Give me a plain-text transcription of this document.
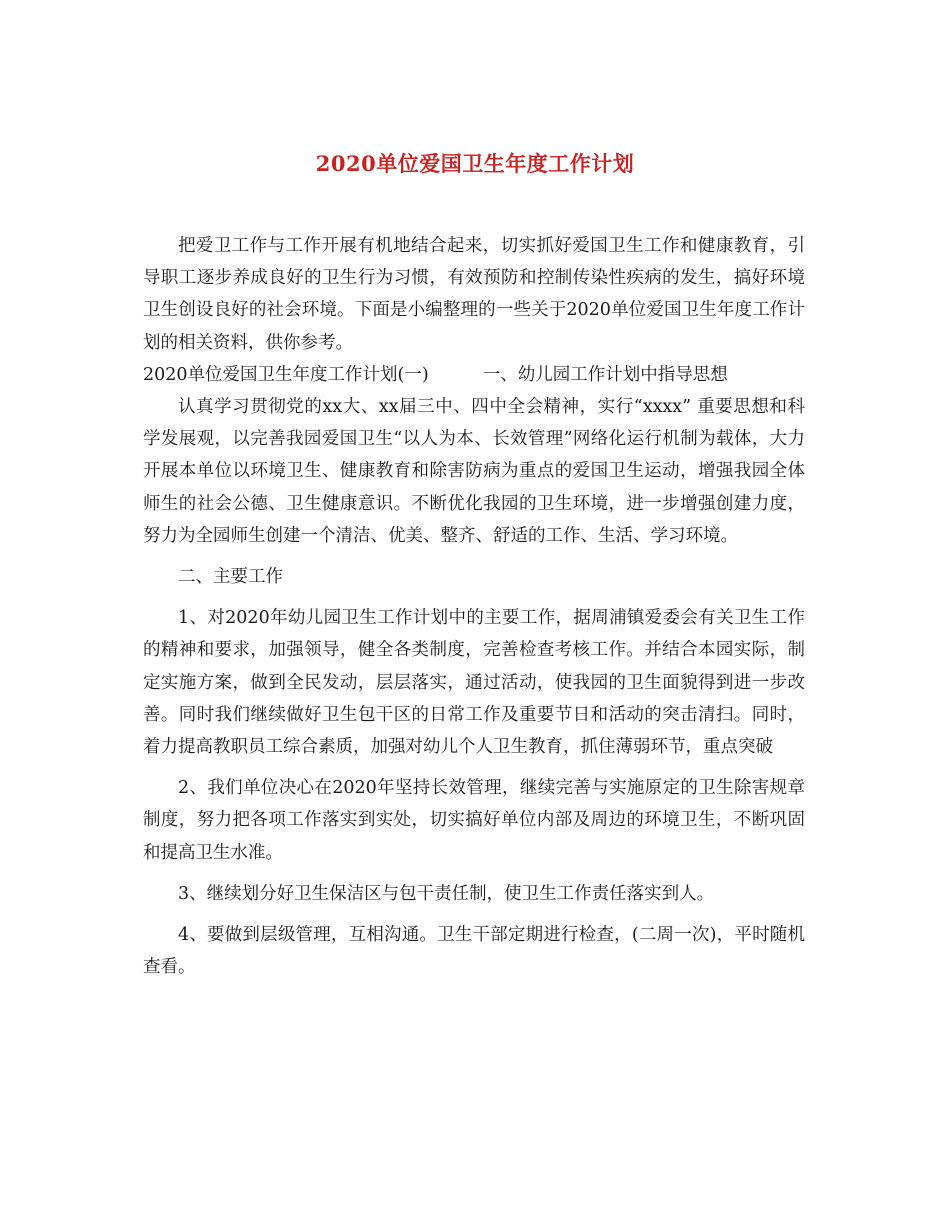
2020单位爱国卫生年度工作计划

把爱卫工作与工作开展有机地结合起来，切实抓好爱国卫生工作和健康教育，引导职工逐步养成良好的卫生行为习惯，有效预防和控制传染性疾病的发生，搞好环境卫生创设良好的社会环境。下面是小编整理的一些关于2020单位爱国卫生年度工作计划的相关资料，供你参考。

2020单位爱国卫生年度工作计划(一)	一、幼儿园工作计划中指导思想

认真学习贯彻党的xx大、xx届三中、四中全会精神，实行“xxxx” 重要思想和科学发展观，以完善我园爱国卫生“以人为本、长效管理”网络化运行机制为载体，大力开展本单位以环境卫生、健康教育和除害防病为重点的爱国卫生运动，增强我园全体师生的社会公德、卫生健康意识。不断优化我园的卫生环境，进一步增强创建力度，努力为全园师生创建一个清洁、优美、整齐、舒适的工作、生活、学习环境。

二、主要工作

1、对2020年幼儿园卫生工作计划中的主要工作，据周浦镇爱委会有关卫生工作的精神和要求，加强领导，健全各类制度，完善检查考核工作。并结合本园实际，制定实施方案，做到全民发动，层层落实，通过活动，使我园的卫生面貌得到进一步改善。同时我们继续做好卫生包干区的日常工作及重要节日和活动的突击清扫。同时，着力提高教职员工综合素质，加强对幼儿个人卫生教育，抓住薄弱环节，重点突破

2、我们单位决心在2020年坚持长效管理，继续完善与实施原定的卫生除害规章制度，努力把各项工作落实到实处，切实搞好单位内部及周边的环境卫生，不断巩固和提高卫生水准。

3、继续划分好卫生保洁区与包干责任制，使卫生工作责任落实到人。

4、要做到层级管理，互相沟通。卫生干部定期进行检查，(二周一次)，平时随机查看。
